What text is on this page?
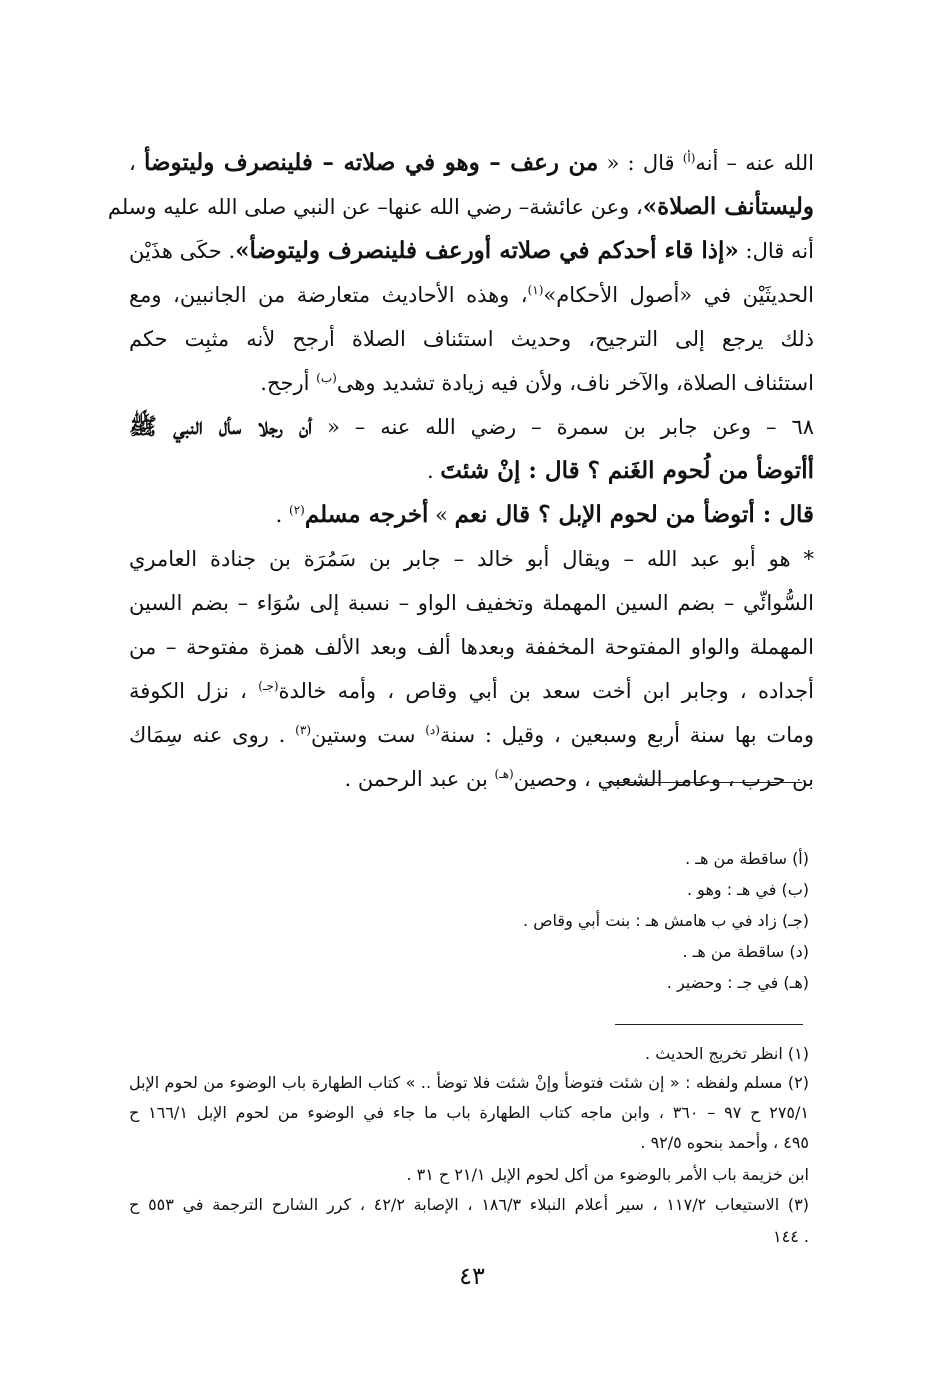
الله عنه – أنه$^{(أ)}$ قال : « من رعف – وهو في صلاته – فلينصرف وليتوضأ ،
وليستأنف الصلاة»، وعن عائشة– رضي الله عنها– عن النبي صلى الله عليه وسلم
أنه قال: «إذا قاء أحدكم في صلاته أورعف فلينصرف وليتوضأ». حكَى هذَيْن
الحديثَيْن في «أصول الأحكام»$^{(١)}$، وهذه الأحاديث متعارضة من الجانبين، ومع
ذلك يرجع إلى الترجيح، وحديث استئناف الصلاة أرجح لأنه مثبِت حكم
استئناف الصلاة، والآخر ناف، ولأن فيه زيادة تشديد وهى$^{(ب)}$ أرجح.
٦٨ – وعن جابر بن سمرة – رضي الله عنه – « أن رجلا سأل النبي ﷺ
أأتوضأ من لُحوم الغَنم ؟ قال : إنْ شئتَ .
قال : أتوضأ من لحوم الإبل ؟ قال نعم » أخرجه مسلم$^{(٢)}$ .
* هو أبو عبد الله – ويقال أبو خالد – جابر بن سَمُرَة بن جنادة العامري
السُّوائّي – بضم السين المهملة وتخفيف الواو – نسبة إلى سُوَاء – بضم السين
المهملة والواو المفتوحة المخففة وبعدها ألف وبعد الألف همزة مفتوحة – من
أجداده ، وجابر ابن أخت سعد بن أبي وقاص ، وأمه خالدة$^{(جـ)}$ ، نزل الكوفة
ومات بها سنة أربع وسبعين ، وقيل : سنة$^{(د)}$ ست وستين$^{(٣)}$ . روى عنه سِمَاك
بن حرب ، وعامر الشعبي ، وحصين$^{(هـ)}$ بن عبد الرحمن .
(أ) ساقطة من هـ .
(ب) في هـ : وهو .
(جـ) زاد في ب هامش هـ : بنت أبي وقاص .
(د) ساقطة من هـ .
(هـ) في جـ : وحضير .
(١) انظر تخريج الحديث .
(٢) مسلم ولفظه : « إن شئت فتوضأ وإنْ شئت فلا توضأ .. » كتاب الطهارة باب الوضوء من لحوم الإبل
٢٧٥/١ ح ٩٧ – ٣٦٠ ، وابن ماجه كتاب الطهارة باب ما جاء في الوضوء من لحوم الإبل ١٦٦/١ ح
٤٩٥ ، وأحمد بنحوه ٩٢/٥ .
ابن خزيمة باب الأمر بالوضوء من أكل لحوم الإبل ٢١/١ ح ٣١ .
(٣) الاستيعاب ١١٧/٢ ، سير أعلام النبلاء ١٨٦/٣ ، الإصابة ٤٢/٢ ، كرر الشارح الترجمة في ٥٥٣ ح
. ١٤٤
٤٣
